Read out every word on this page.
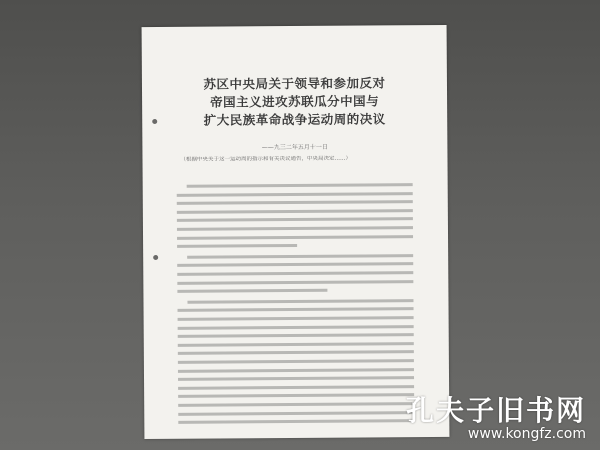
苏区中央局关于领导和参加反对
帝国主义进攻苏联瓜分中国与
扩大民族革命战争运动周的决议
——九三二年五月十一日
（根据中央关于这一运动周的指示和有关决议通告，中央局决定……）
孔夫子旧书网
www.kongfz.com
